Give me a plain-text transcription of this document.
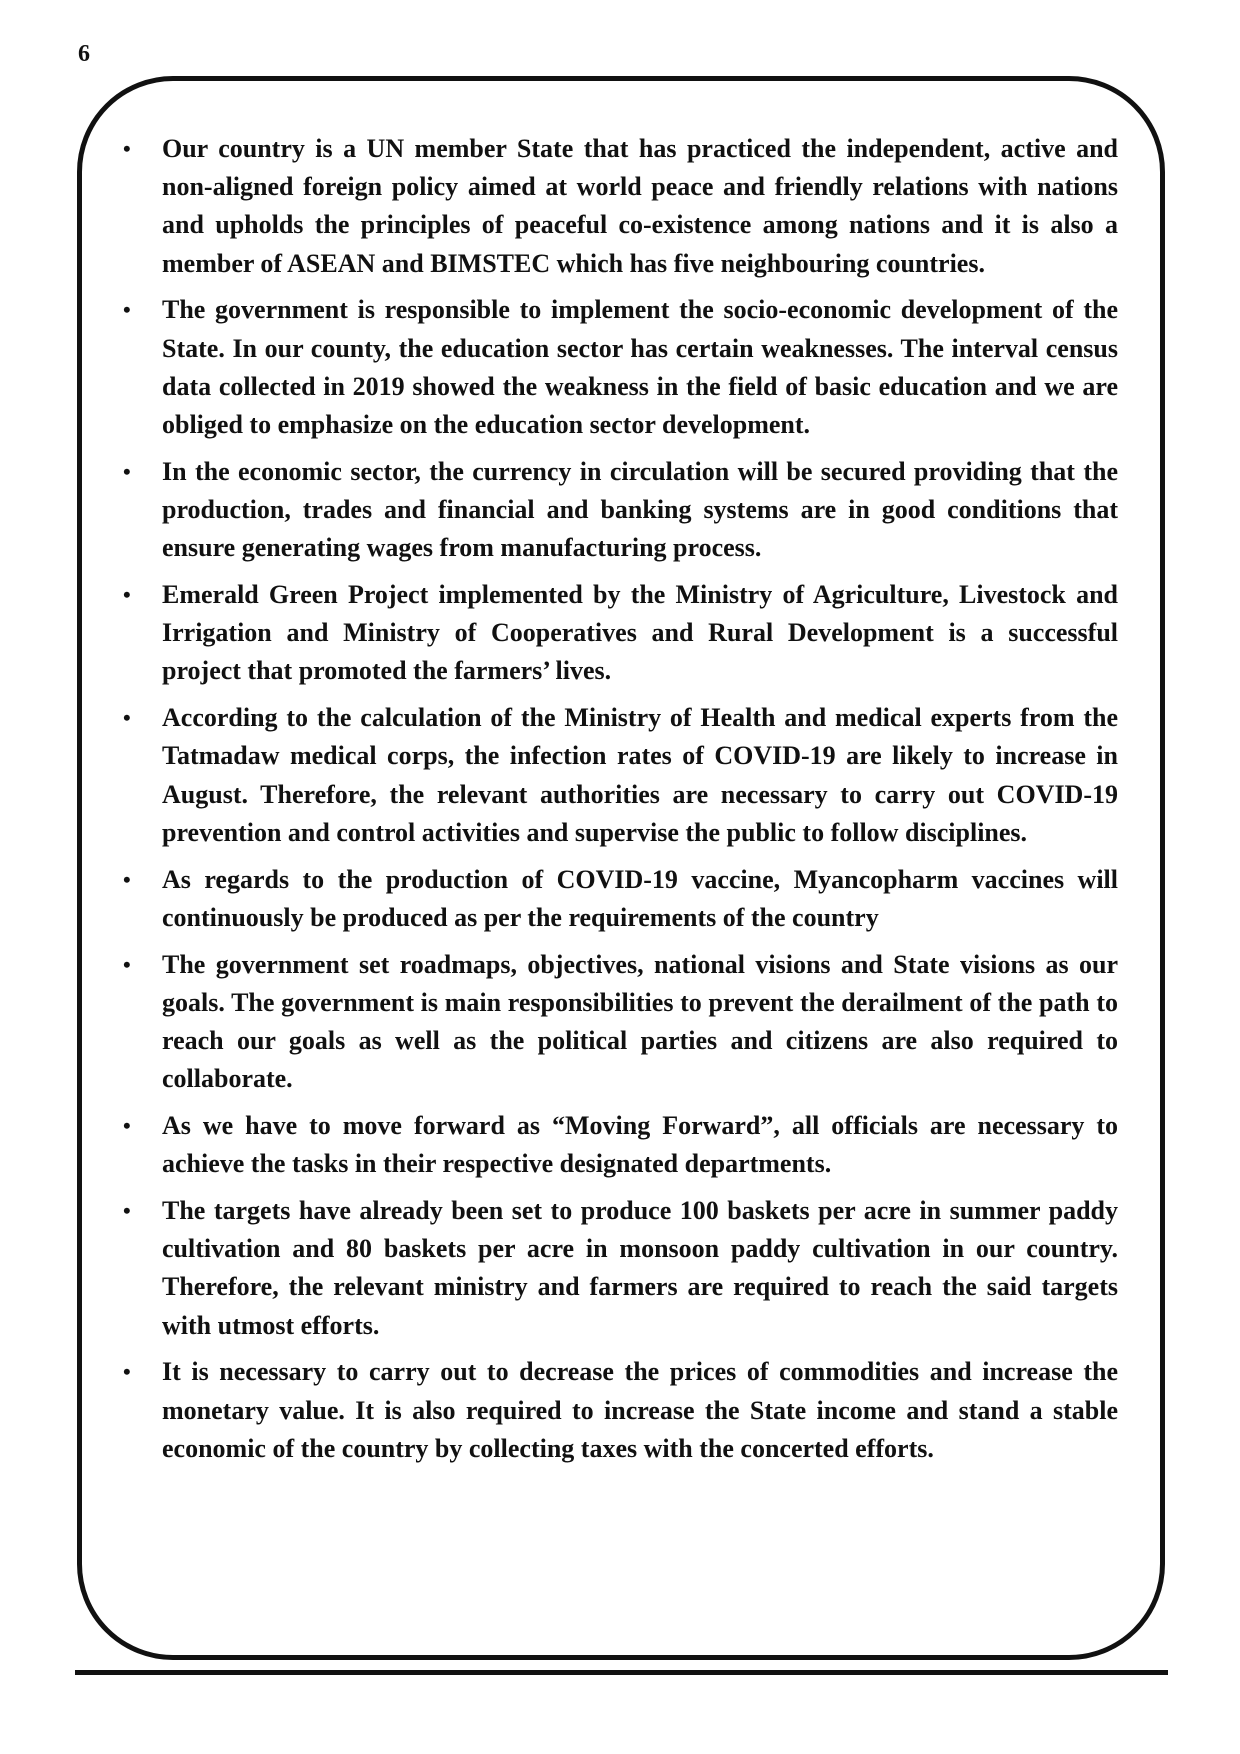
6
• Our country is a UN member State that has practiced the independent, active and non-aligned foreign policy aimed at world peace and friendly relations with nations and upholds the principles of peaceful co-existence among nations and it is also a member of ASEAN and BIMSTEC which has five neighbouring countries.
• The government is responsible to implement the socio-economic development of the State. In our county, the education sector has certain weaknesses. The interval census data collected in 2019 showed the weakness in the field of basic education and we are obliged to emphasize on the education sector development.
• In the economic sector, the currency in circulation will be secured providing that the production, trades and financial and banking systems are in good conditions that ensure generating wages from manufacturing process.
• Emerald Green Project implemented by the Ministry of Agriculture, Livestock and Irrigation and Ministry of Cooperatives and Rural Development is a successful project that promoted the farmers’ lives.
• According to the calculation of the Ministry of Health and medical experts from the Tatmadaw medical corps, the infection rates of COVID-19 are likely to increase in August. Therefore, the relevant authorities are necessary to carry out COVID-19 prevention and control activities and supervise the public to follow disciplines.
• As regards to the production of COVID-19 vaccine, Myancopharm vaccines will continuously be produced as per the requirements of the country
• The government set roadmaps, objectives, national visions and State visions as our goals. The government is main responsibilities to prevent the derailment of the path to reach our goals as well as the political parties and citizens are also required to collaborate.
• As we have to move forward as “Moving Forward”, all officials are necessary to achieve the tasks in their respective designated departments.
• The targets have already been set to produce 100 baskets per acre in summer paddy cultivation and 80 baskets per acre in monsoon paddy cultivation in our country. Therefore, the relevant ministry and farmers are required to reach the said targets with utmost efforts.
• It is necessary to carry out to decrease the prices of commodities and increase the monetary value. It is also required to increase the State income and stand a stable economic of the country by collecting taxes with the concerted efforts.
